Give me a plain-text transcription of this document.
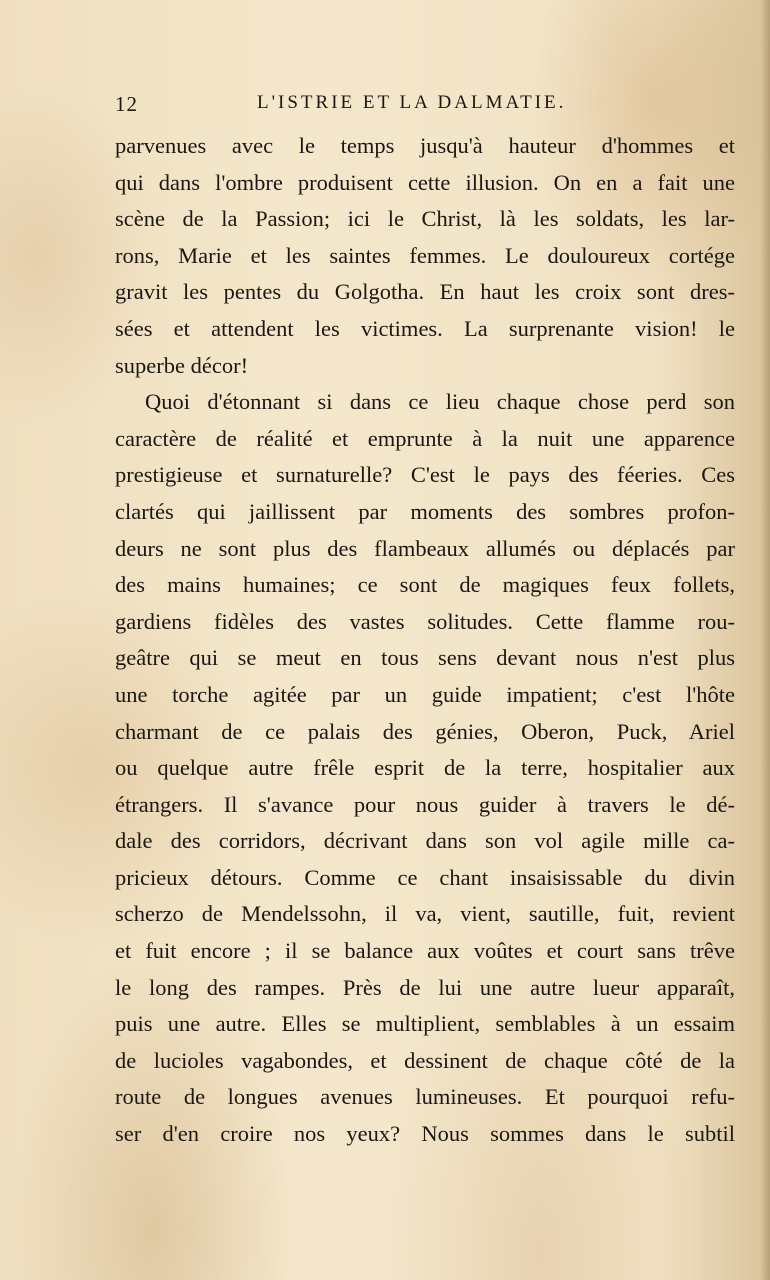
12	L'ISTRIE ET LA DALMATIE.
parvenues avec le temps jusqu'à hauteur d'hommes et
qui dans l'ombre produisent cette illusion. On en a fait une
scène de la Passion; ici le Christ, là les soldats, les lar-
rons, Marie et les saintes femmes. Le douloureux cortége
gravit les pentes du Golgotha. En haut les croix sont dres-
sées et attendent les victimes. La surprenante vision! le
superbe décor!
Quoi d'étonnant si dans ce lieu chaque chose perd son
caractère de réalité et emprunte à la nuit une apparence
prestigieuse et surnaturelle? C'est le pays des féeries. Ces
clartés qui jaillissent par moments des sombres profon-
deurs ne sont plus des flambeaux allumés ou déplacés par
des mains humaines; ce sont de magiques feux follets,
gardiens fidèles des vastes solitudes. Cette flamme rou-
geâtre qui se meut en tous sens devant nous n'est plus
une torche agitée par un guide impatient; c'est l'hôte
charmant de ce palais des génies, Oberon, Puck, Ariel
ou quelque autre frêle esprit de la terre, hospitalier aux
étrangers. Il s'avance pour nous guider à travers le dé-
dale des corridors, décrivant dans son vol agile mille ca-
pricieux détours. Comme ce chant insaisissable du divin
scherzo de Mendelssohn, il va, vient, sautille, fuit, revient
et fuit encore ; il se balance aux voûtes et court sans trêve
le long des rampes. Près de lui une autre lueur apparaît,
puis une autre. Elles se multiplient, semblables à un essaim
de lucioles vagabondes, et dessinent de chaque côté de la
route de longues avenues lumineuses. Et pourquoi refu-
ser d'en croire nos yeux? Nous sommes dans le subtil
